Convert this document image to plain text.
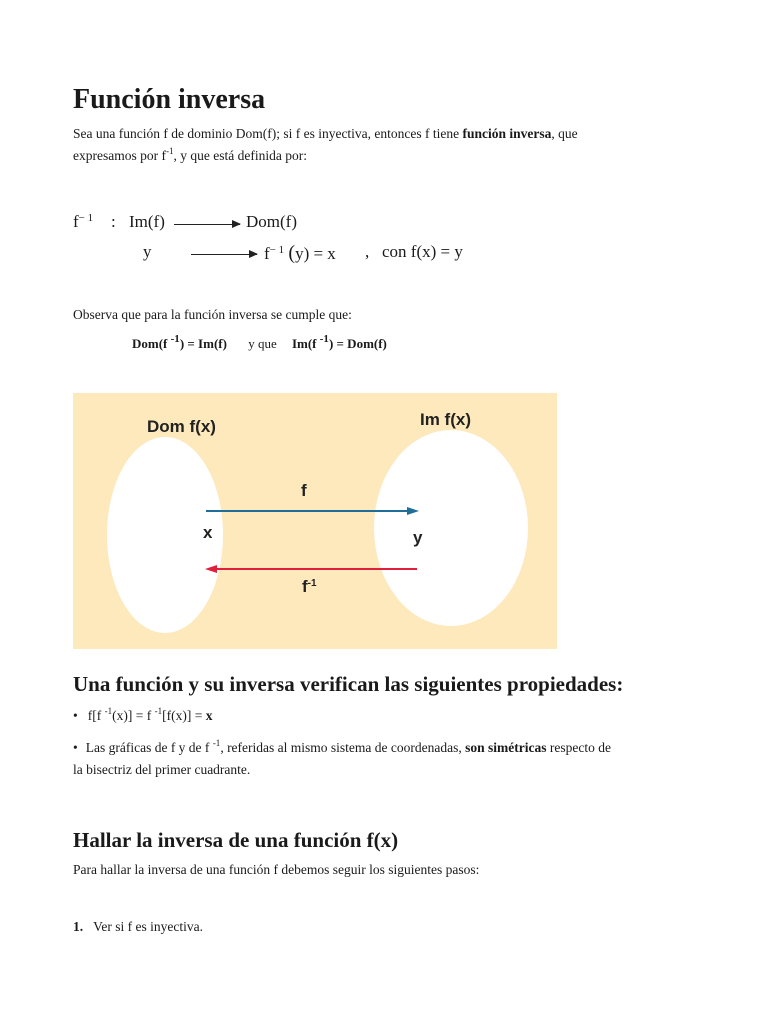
Función inversa
Sea una función f de dominio Dom(f); si f es inyectiva, entonces f tiene función inversa, que
expresamos por $f^{-1}$, y que está definida por:
$f^{- 1}$ : Im(f)	Dom(f)
y	$f^{- 1}$ (y) = x , con f(x) = y
Observa que para la función inversa se cumple que:
Dom(f $^{-1}$) = Im(f) y que Im(f $^{-1}$) = Dom(f)
Dom f(x)	Im f(x)
f
x	y
$f^{-1}$
Una función y su inversa verifican las siguientes propiedades:
• f[f $^{-1}$(x)] = f $^{-1}$[f(x)] = x
• Las gráficas de f y de f $^{-1}$, referidas al mismo sistema de coordenadas, son simétricas respecto de
la bisectriz del primer cuadrante.
Hallar la inversa de una función f(x)
Para hallar la inversa de una función f debemos seguir los siguientes pasos:
1. Ver si f es inyectiva.
